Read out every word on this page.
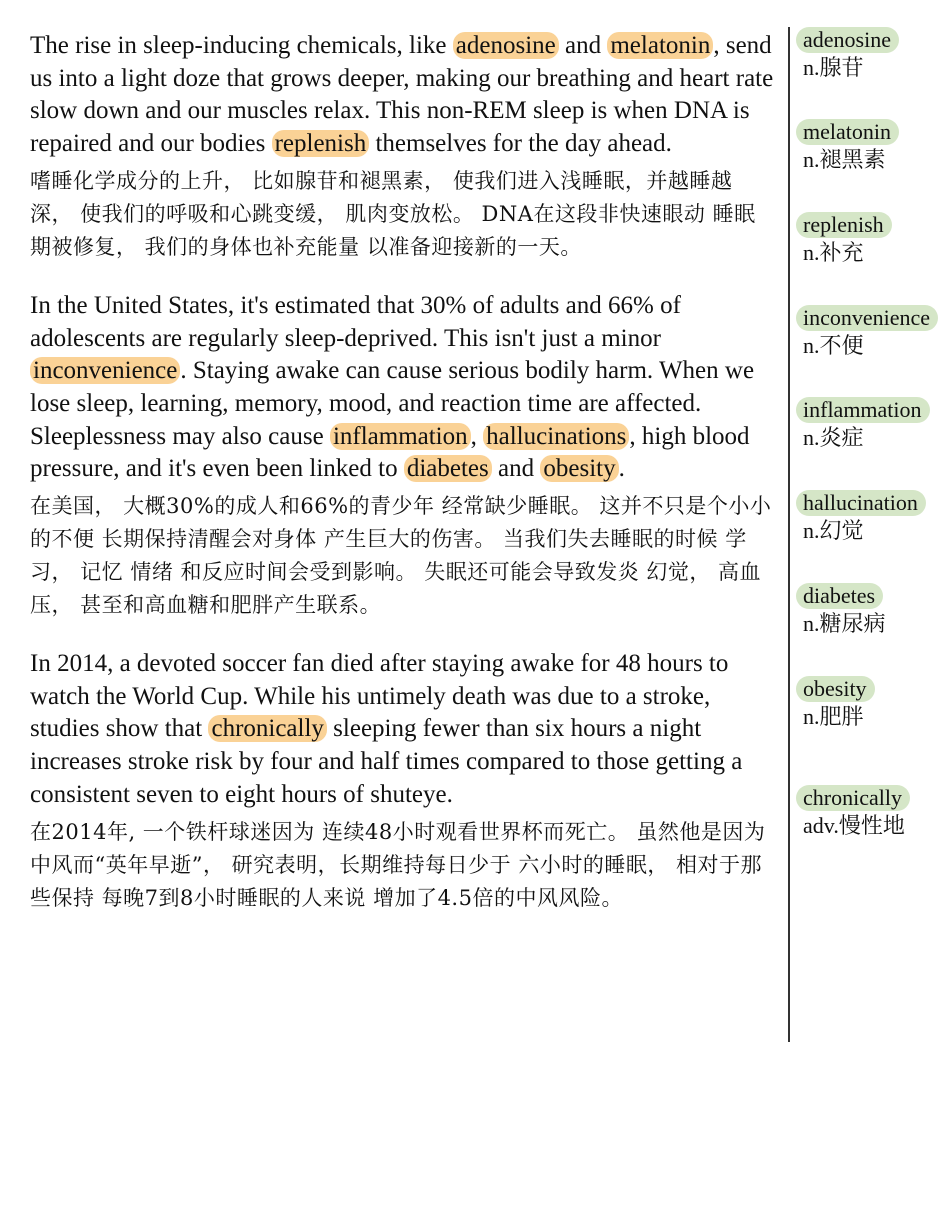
The rise in sleep-inducing chemicals, like adenosine and melatonin , send us into a light doze that grows deeper, making our breathing and heart rate slow down and our muscles relax. This non-REM sleep is when DNA is repaired and our bodies replenish themselves for the day ahead.

嗜睡化学成分的上升， 比如腺苷和褪黑素， 使我们进入浅睡眠，并越睡越深， 使我们的呼吸和心跳变缓， 肌肉变放松。 DNA在这段非快速眼动 睡眠期被修复， 我们的身体也补充能量 以准备迎接新的一天。

In the United States, it's estimated that 30% of adults and 66% of adolescents are regularly sleep-deprived. This isn't just a minor inconvenience . Staying awake can cause serious bodily harm. When we lose sleep, learning, memory, mood, and reaction time are affected. Sleeplessness may also cause inflammation , hallucinations , high blood pressure, and it's even been linked to diabetes and obesity .

在美国， 大概30%的成人和66%的青少年 经常缺少睡眠。 这并不只是个小小的不便 长期保持清醒会对身体 产生巨大的伤害。 当我们失去睡眠的时候 学习， 记忆 情绪 和反应时间会受到影响。 失眠还可能会导致发炎 幻觉， 高血压， 甚至和高血糖和肥胖产生联系。

In 2014, a devoted soccer fan died after staying awake for 48 hours to watch the World Cup. While his untimely death was due to a stroke, studies show that chronically sleeping fewer than six hours a night increases stroke risk by four and half times compared to those getting a consistent seven to eight hours of shuteye.

在2014年, 一个铁杆球迷因为 连续48小时观看世界杯而死亡。 虽然他是因为中风而“英年早逝”， 研究表明，长期维持每日少于 六小时的睡眠， 相对于那些保持 每晚7到8小时睡眠的人来说 增加了4.5倍的中风风险。

adenosine
n.腺苷
melatonin
n.褪黑素
replenish
n.补充
inconvenience
n.不便
inflammation
n.炎症
hallucination
n.幻觉
diabetes
n.糖尿病
obesity
n.肥胖
chronically
adv.慢性地
